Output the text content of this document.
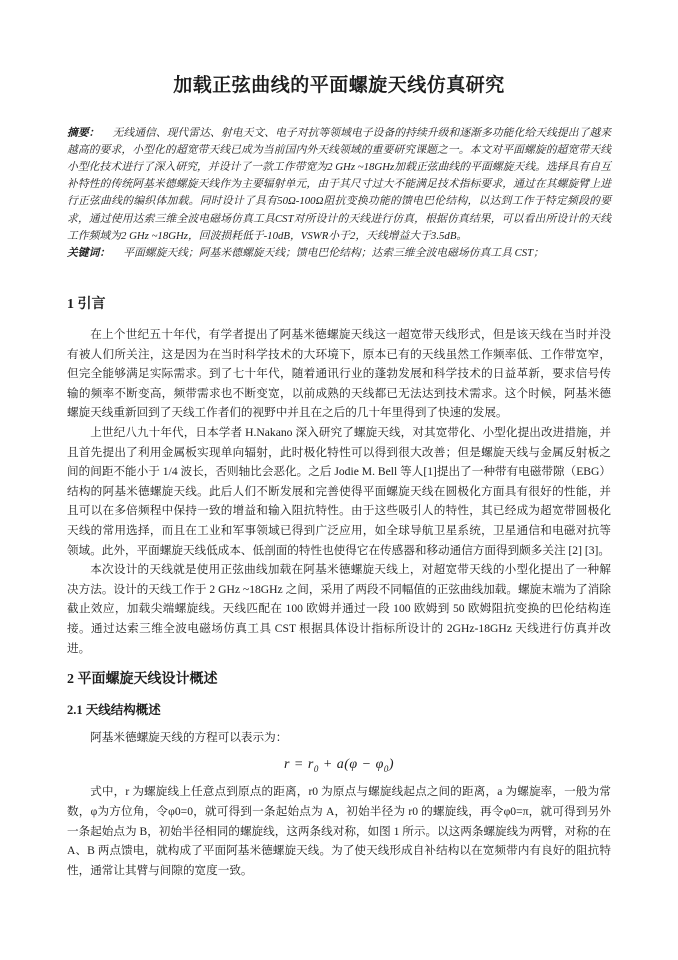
加载正弦曲线的平面螺旋天线仿真研究

摘要： 无线通信、现代雷达、射电天文、电子对抗等领域电子设备的持续升级和逐渐多功能化给天线提出了越来越高的要求，小型化的超宽带天线已成为当前国内外天线领域的重要研究课题之一。本文对平面螺旋的超宽带天线小型化技术进行了深入研究，并设计了一款工作带宽为2 GHz ~18GHz加载正弦曲线的平面螺旋天线。选择具有自互补特性的传统阿基米德螺旋天线作为主要辐射单元，由于其尺寸过大不能满足技术指标要求，通过在其螺旋臂上进行正弦曲线的编织体加载。同时设计了具有50Ω-100Ω阻抗变换功能的馈电巴伦结构，以达到工作于特定频段的要求，通过使用达索三维全波电磁场仿真工具CST对所设计的天线进行仿真，根据仿真结果，可以看出所设计的天线工作频域为2 GHz ~18GHz，回波损耗低于-10dB，VSWR小于2，天线增益大于3.5dB。

关键词： 平面螺旋天线；阿基米德螺旋天线；馈电巴伦结构；达索三维全波电磁场仿真工具 CST；

1 引言

在上个世纪五十年代，有学者提出了阿基米德螺旋天线这一超宽带天线形式，但是该天线在当时并没有被人们所关注，这是因为在当时科学技术的大环境下，原本已有的天线虽然工作频率低、工作带宽窄，但完全能够满足实际需求。到了七十年代，随着通讯行业的蓬勃发展和科学技术的日益革新，要求信号传输的频率不断变高，频带需求也不断变宽，以前成熟的天线都已无法达到技术需求。这个时候，阿基米德螺旋天线重新回到了天线工作者们的视野中并且在之后的几十年里得到了快速的发展。

上世纪八九十年代，日本学者 H.Nakano 深入研究了螺旋天线，对其宽带化、小型化提出改进措施，并且首先提出了利用金属板实现单向辐射，此时极化特性可以得到很大改善；但是螺旋天线与金属反射板之间的间距不能小于 1/4 波长，否则轴比会恶化。之后 Jodie M. Bell 等人[1]提出了一种带有电磁带隙（EBG）结构的阿基米德螺旋天线。此后人们不断发展和完善使得平面螺旋天线在圆极化方面具有很好的性能，并且可以在多倍频程中保持一致的增益和输入阻抗特性。由于这些吸引人的特性，其已经成为超宽带圆极化天线的常用选择，而且在工业和军事领域已得到广泛应用，如全球导航卫星系统，卫星通信和电磁对抗等领域。此外，平面螺旋天线低成本、低剖面的特性也使得它在传感器和移动通信方面得到颇多关注 [2] [3]。

本次设计的天线就是使用正弦曲线加载在阿基米德螺旋天线上，对超宽带天线的小型化提出了一种解决方法。设计的天线工作于 2 GHz ~18GHz 之间，采用了两段不同幅值的正弦曲线加载。螺旋末端为了消除截止效应，加载尖端螺旋线。天线匹配在 100 欧姆并通过一段 100 欧姆到 50 欧姆阻抗变换的巴伦结构连接。通过达索三维全波电磁场仿真工具 CST 根据具体设计指标所设计的 2GHz-18GHz 天线进行仿真并改进。

2 平面螺旋天线设计概述
2.1 天线结构概述

阿基米德螺旋天线的方程可以表示为：

$r = r_0 + a(\varphi - \varphi_0)$

式中，r 为螺旋线上任意点到原点的距离，r0 为原点与螺旋线起点之间的距离，a 为螺旋率，一般为常数，φ为方位角，令φ0=0，就可得到一条起始点为 A，初始半径为 r0 的螺旋线，再令φ0=π，就可得到另外一条起始点为 B，初始半径相同的螺旋线，这两条线对称，如图 1 所示。以这两条螺旋线为两臂，对称的在 A、B 两点馈电，就构成了平面阿基米德螺旋天线。为了使天线形成自补结构以在宽频带内有良好的阻抗特性，通常让其臂与间隙的宽度一致。
